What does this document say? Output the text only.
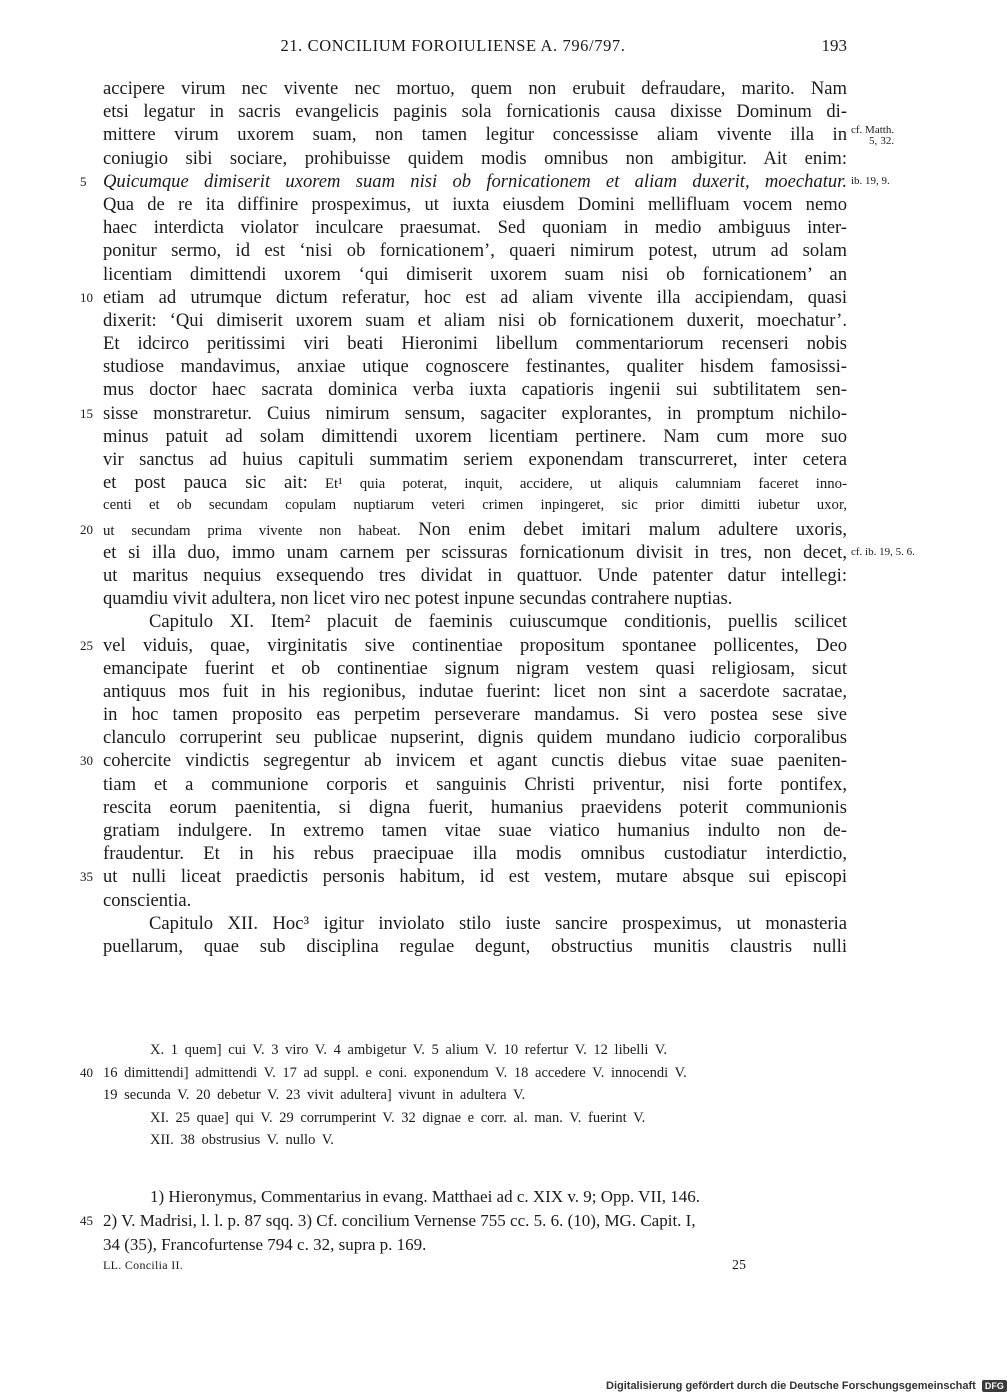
21. CONCILIUM FOROIULIENSE A. 796/797.	193
accipere virum nec vivente nec mortuo, quem non erubuit defraudare, marito. Nam
etsi legatur in sacris evangelicis paginis sola fornicationis causa dixisse Dominum di-
mittere virum uxorem suam, non tamen legitur concessisse aliam vivente illa in cf. Matth.
5, 32.
coniugio sibi sociare, prohibuisse quidem modis omnibus non ambigitur. Ait enim:
5 Quicumque dimiserit uxorem suam nisi ob fornicationem et aliam duxerit, moechatur. ib. 19, 9.
Qua de re ita diffinire prospeximus, ut iuxta eiusdem Domini mellifluam vocem nemo
haec interdicta violator inculcare praesumat. Sed quoniam in medio ambiguus inter-
ponitur sermo, id est ‘nisi ob fornicationem’, quaeri nimirum potest, utrum ad solam
licentiam dimittendi uxorem ‘qui dimiserit uxorem suam nisi ob fornicationem’ an
10 etiam ad utrumque dictum referatur, hoc est ad aliam vivente illa accipiendam, quasi
dixerit: ‘Qui dimiserit uxorem suam et aliam nisi ob fornicationem duxerit, moechatur’.
Et idcirco peritissimi viri beati Hieronimi libellum commentariorum recenseri nobis
studiose mandavimus, anxiae utique cognoscere festinantes, qualiter hisdem famosissi-
mus doctor haec sacrata dominica verba iuxta capatioris ingenii sui subtilitatem sen-
15 sisse monstraretur. Cuius nimirum sensum, sagaciter explorantes, in promptum nichilo-
minus patuit ad solam dimittendi uxorem licentiam pertinere. Nam cum more suo
vir sanctus ad huius capituli summatim seriem exponendam transcurreret, inter cetera
et post pauca sic ait: Et¹ quia poterat, inquit, accidere, ut aliquis calumniam faceret inno-
centi et ob secundam copulam nuptiarum veteri crimen inpingeret, sic prior dimitti iubetur uxor,
20 ut secundam prima vivente non habeat. Non enim debet imitari malum adultere uxoris,
et si illa duo, immo unam carnem per scissuras fornicationum divisit in tres, non decet, cf. ib. 19, 5. 6.
ut maritus nequius exsequendo tres dividat in quattuor. Unde patenter datur intellegi:
quamdiu vivit adultera, non licet viro nec potest inpune secundas contrahere nuptias.
Capitulo XI. Item² placuit de faeminis cuiuscumque conditionis, puellis scilicet
25 vel viduis, quae, virginitatis sive continentiae propositum spontanee pollicentes, Deo
emancipate fuerint et ob continentiae signum nigram vestem quasi religiosam, sicut
antiquus mos fuit in his regionibus, indutae fuerint: licet non sint a sacerdote sacratae,
in hoc tamen proposito eas perpetim perseverare mandamus. Si vero postea sese sive
clanculo corruperint seu publicae nupserint, dignis quidem mundano iudicio corporalibus
30 cohercite vindictis segregentur ab invicem et agant cunctis diebus vitae suae paeniten-
tiam et a communione corporis et sanguinis Christi priventur, nisi forte pontifex,
rescita eorum paenitentia, si digna fuerit, humanius praevidens poterit communionis
gratiam indulgere. In extremo tamen vitae suae viatico humanius indulto non de-
fraudentur. Et in his rebus praecipuae illa modis omnibus custodiatur interdictio,
35 ut nulli liceat praedictis personis habitum, id est vestem, mutare absque sui episcopi
conscientia.
Capitulo XII. Hoc³ igitur inviolato stilo iuste sancire prospeximus, ut monasteria
puellarum, quae sub disciplina regulae degunt, obstructius munitis claustris nulli
X. 1 quem] cui V. 3 viro V. 4 ambigetur V. 5 alium V. 10 refertur V. 12 libelli V.
40 16 dimittendi] admittendi V. 17 ad suppl. e coni. exponendum V. 18 accedere V. innocendi V.
19 secunda V. 20 debetur V. 23 vivit adultera] vivunt in adultera V.
XI. 25 quae] qui V. 29 corrumperint V. 32 dignae e corr. al. man. V. fuerint V.
XII. 38 obstrusius V. nullo V.
1) Hieronymus, Commentarius in evang. Matthaei ad c. XIX v. 9; Opp. VII, 146.
45 2) V. Madrisi, l. l. p. 87 sqq. 3) Cf. concilium Vernense 755 cc. 5. 6. (10), MG. Capit. I,
34 (35), Francofurtense 794 c. 32, supra p. 169.
LL. Concilia II.	25
Digitalisierung gefördert durch die Deutsche Forschungsgemeinschaft DFG
